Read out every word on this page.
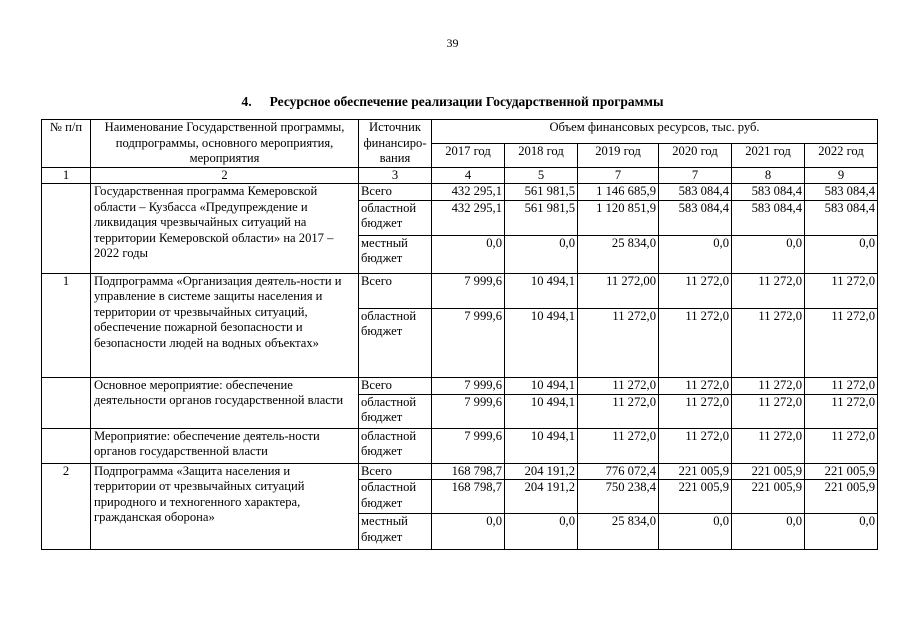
39
4. Ресурсное обеспечение реализации Государственной программы
№ п/п	Наименование Государственной программы, подпрограммы, основного мероприятия, мероприятия	Источник финансиро-вания	Объем финансовых ресурсов, тыс. руб.					
			2017 год	2018 год	2019 год	2020 год	2021 год	2022 год
1	2	3	4	5	7	7	8	9
	Государственная программа Кемеровской области – Кузбасса «Предупреждение и ликвидация чрезвычайных ситуаций на территории Кемеровской области» на 2017 – 2022 годы	Всего	432 295,1	561 981,5	1 146 685,9	583 084,4	583 084,4	583 084,4
		областной бюджет	432 295,1	561 981,5	1 120 851,9	583 084,4	583 084,4	583 084,4
		местный бюджет	0,0	0,0	25 834,0	0,0	0,0	0,0
1	Подпрограмма «Организация деятель-ности и управление в системе защиты населения и территории от чрезвычайных ситуаций, обеспечение пожарной безопасности и безопасности людей на водных объектах»	Всего	7 999,6	10 494,1	11 272,00	11 272,0	11 272,0	11 272,0
		областной бюджет	7 999,6	10 494,1	11 272,0	11 272,0	11 272,0	11 272,0
	Основное мероприятие: обеспечение деятельности органов государственной власти	Всего	7 999,6	10 494,1	11 272,0	11 272,0	11 272,0	11 272,0
		областной бюджет	7 999,6	10 494,1	11 272,0	11 272,0	11 272,0	11 272,0
	Мероприятие: обеспечение деятель-ности органов государственной власти	областной бюджет	7 999,6	10 494,1	11 272,0	11 272,0	11 272,0	11 272,0
2	Подпрограмма «Защита населения и территории от чрезвычайных ситуаций природного и техногенного характера, гражданская оборона»	Всего	168 798,7	204 191,2	776 072,4	221 005,9	221 005,9	221 005,9
		областной бюджет	168 798,7	204 191,2	750 238,4	221 005,9	221 005,9	221 005,9
		местный бюджет	0,0	0,0	25 834,0	0,0	0,0	0,0
